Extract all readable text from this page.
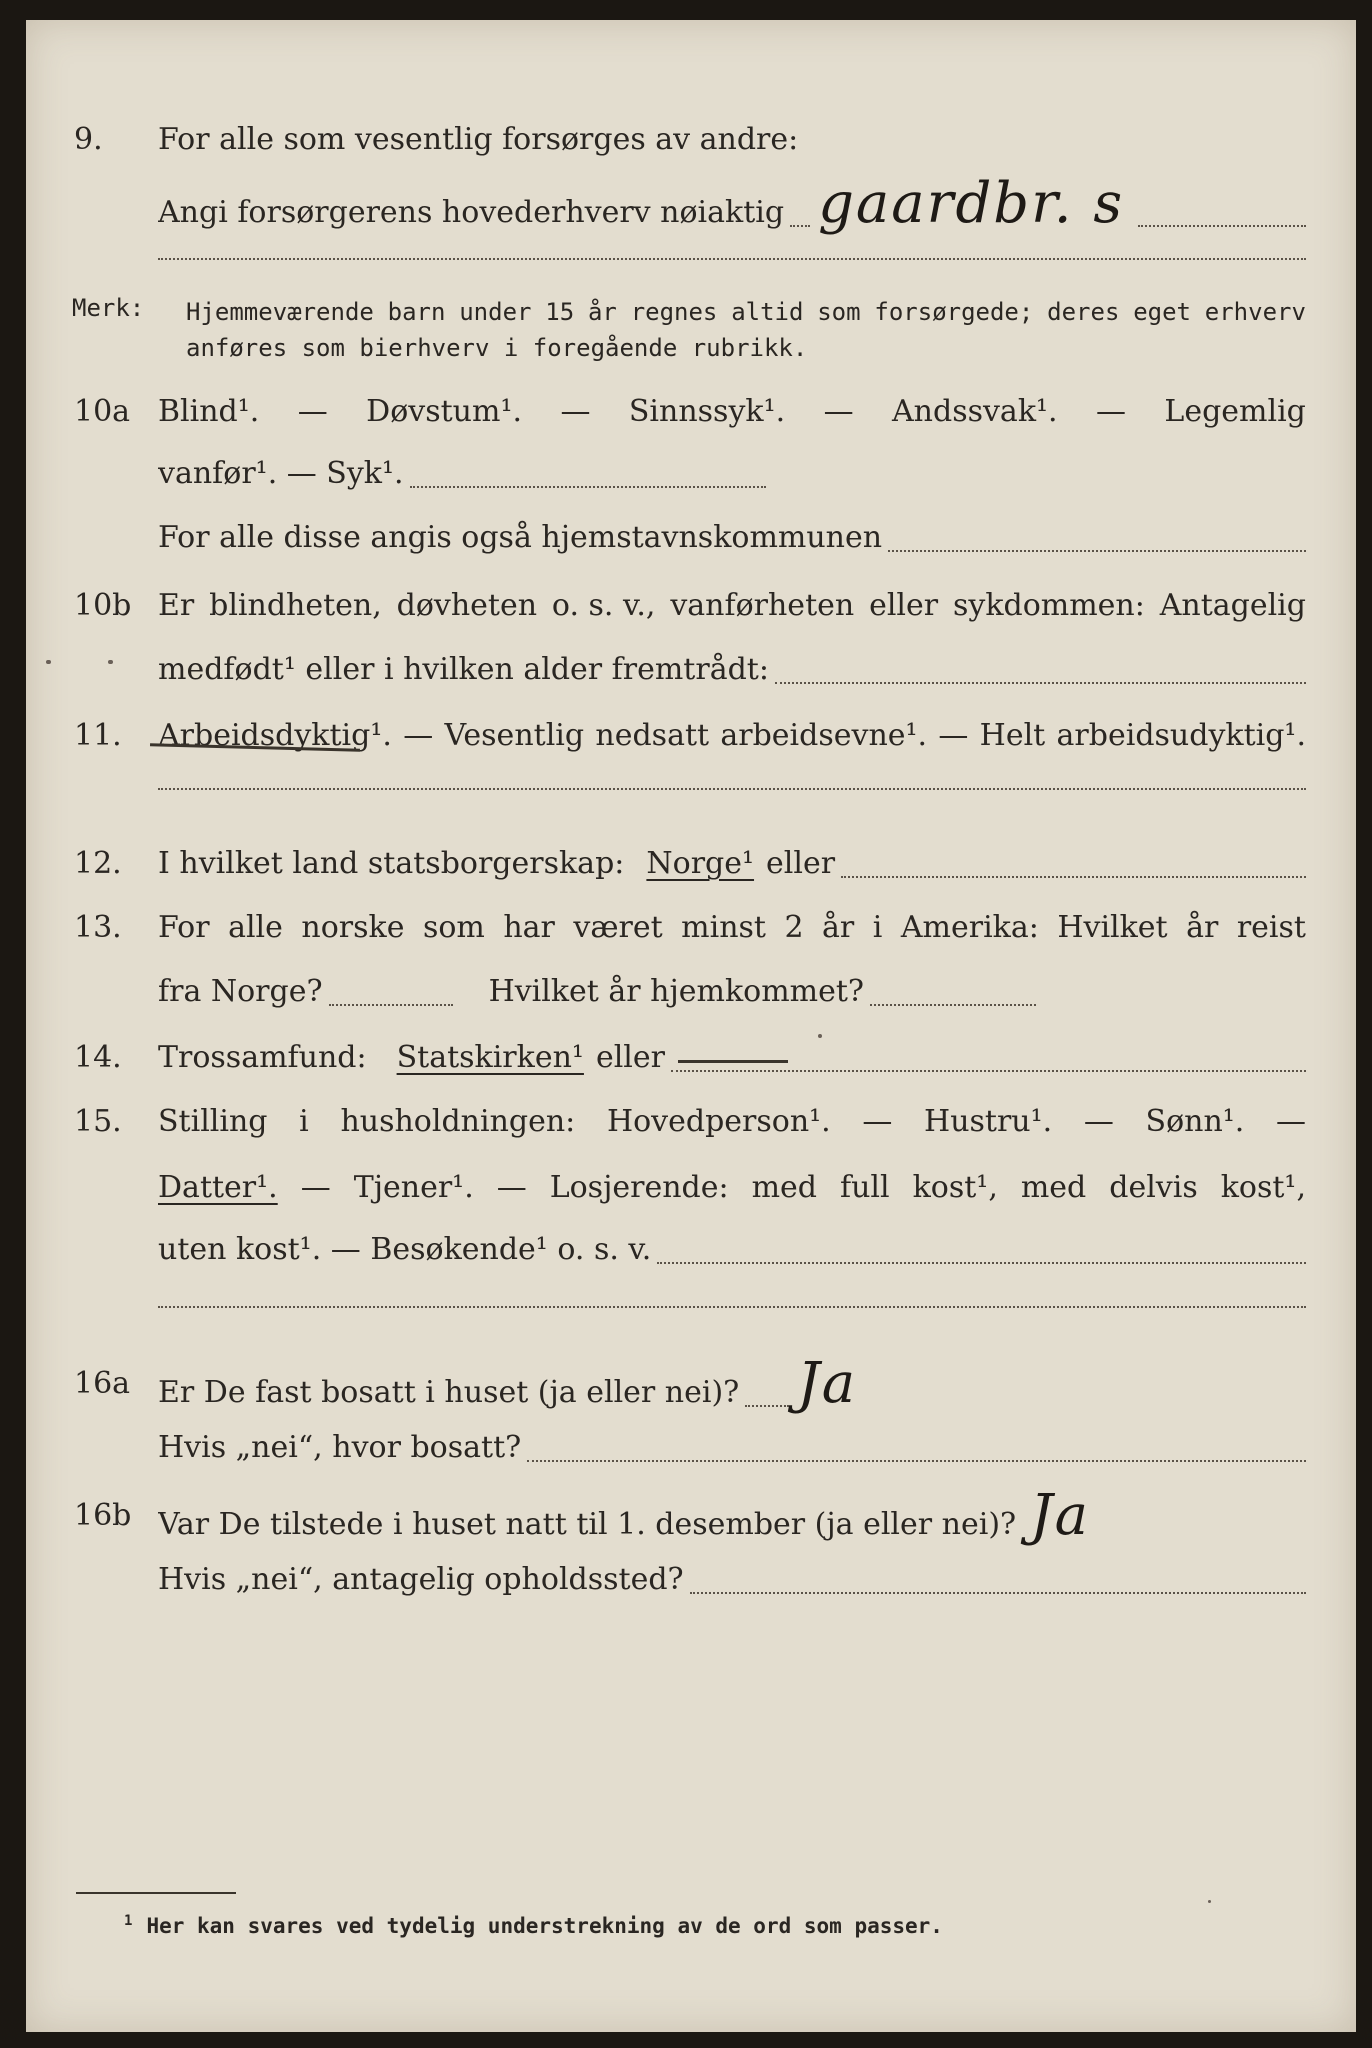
9. For alle som vesentlig forsørges av andre:
Angi forsørgerens hovederhverv nøiaktig gaardbr. s
Merk: Hjemmeværende barn under 15 år regnes altid som forsørgede; deres eget erhverv
anføres som bierhverv i foregående rubrikk.
10a Blind¹. — Døvstum¹. — Sinnssyk¹. — Andssvak¹. — Legemlig
vanfør¹. — Syk¹.
For alle disse angis også hjemstavnskommunen
10b Er blindheten, døvheten o. s. v., vanførheten eller sykdommen: Antagelig
medfødt¹ eller i hvilken alder fremtrådt:
11. Arbeidsdyktig¹. — Vesentlig nedsatt arbeidsevne¹. — Helt arbeidsudyktig¹.
12. I hvilket land statsborgerskap: Norge¹ eller
13. For alle norske som har været minst 2 år i Amerika: Hvilket år reist
fra Norge?	Hvilket år hjemkommet?
14. Trossamfund: Statskirken¹ eller
15. Stilling i husholdningen: Hovedperson¹. — Hustru¹. — Sønn¹. —
Datter¹. — Tjener¹. — Losjerende: med full kost¹, med delvis kost¹,
uten kost¹. — Besøkende¹ o. s. v.
16a Er De fast bosatt i huset (ja eller nei)? Ja
Hvis „nei“, hvor bosatt?
16b Var De tilstede i huset natt til 1. desember (ja eller nei)? Ja
Hvis „nei“, antagelig opholdssted?
$^1$ Her kan svares ved tydelig understrekning av de ord som passer.
